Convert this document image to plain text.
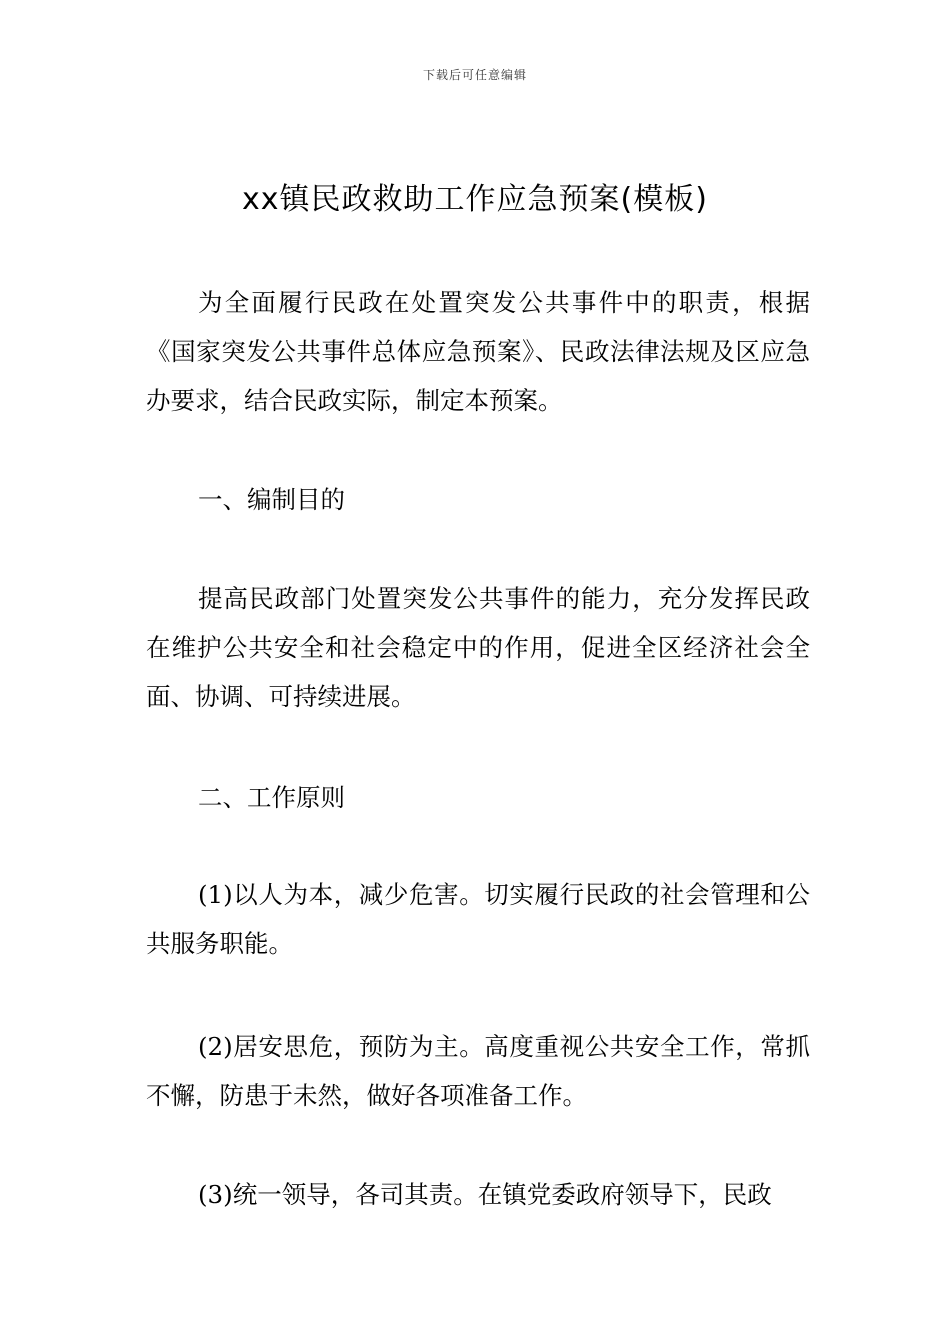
下载后可任意编辑
xx镇民政救助工作应急预案(模板)
为全面履行民政在处置突发公共事件中的职责，根据《国家突发公共事件总体应急预案》、民政法律法规及区应急办要求，结合民政实际，制定本预案。
一、编制目的
提高民政部门处置突发公共事件的能力，充分发挥民政在维护公共安全和社会稳定中的作用，促进全区经济社会全面、协调、可持续进展。
二、工作原则
(1)以人为本，减少危害。切实履行民政的社会管理和公共服务职能。
(2)居安思危，预防为主。高度重视公共安全工作，常抓不懈，防患于未然，做好各项准备工作。
(3)统一领导，各司其责。在镇党委政府领导下，民政
